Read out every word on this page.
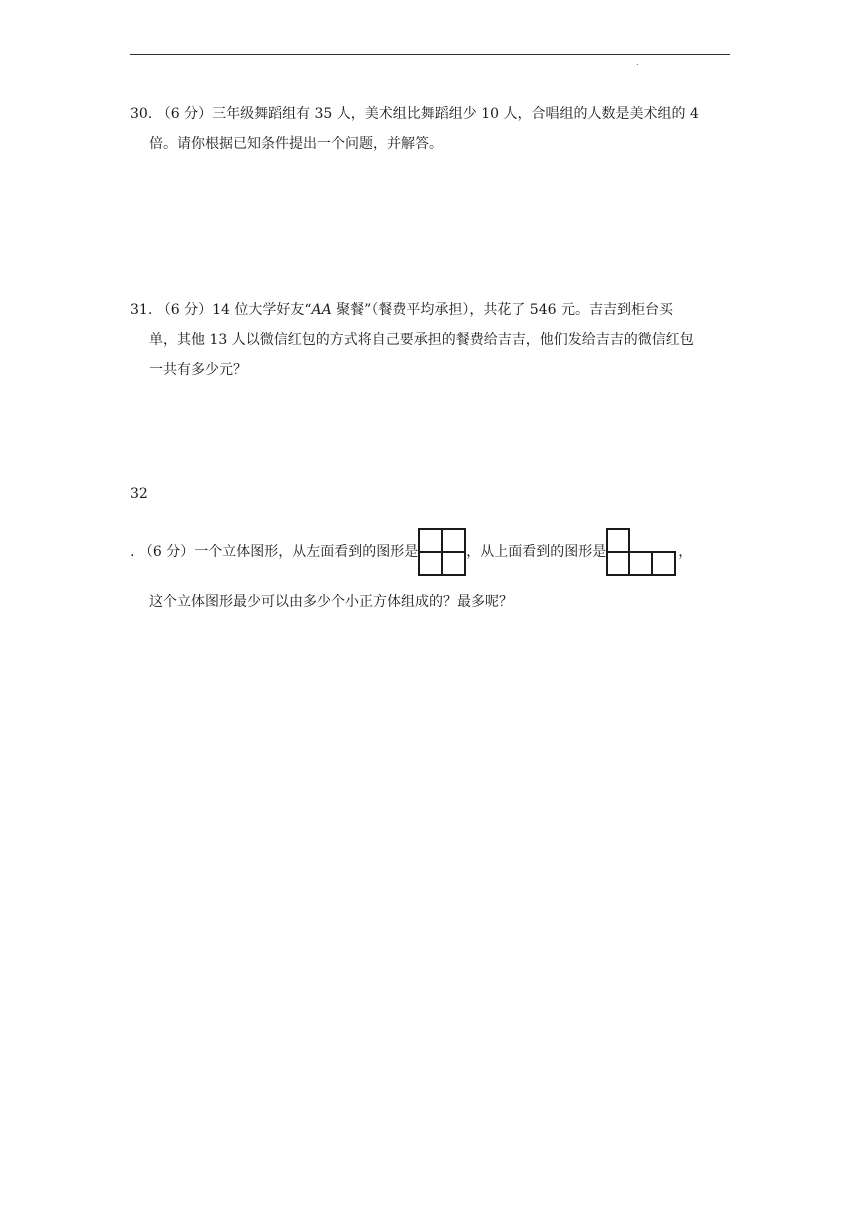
.
30. （6 分）三年级舞蹈组有 35 人，美术组比舞蹈组少 10 人，合唱组的人数是美术组的 4
倍。请你根据已知条件提出一个问题，并解答。
31. （6 分）14 位大学好友“AA 聚餐”（餐费平均承担），共花了 546 元。吉吉到柜台买
单，其他 13 人以微信红包的方式将自己要承担的餐费给吉吉，他们发给吉吉的微信红包
一共有多少元？
32
. （6 分）一个立体图形，从左面看到的图形是	，从上面看到的图形是	，
这个立体图形最少可以由多少个小正方体组成的？最多呢？
